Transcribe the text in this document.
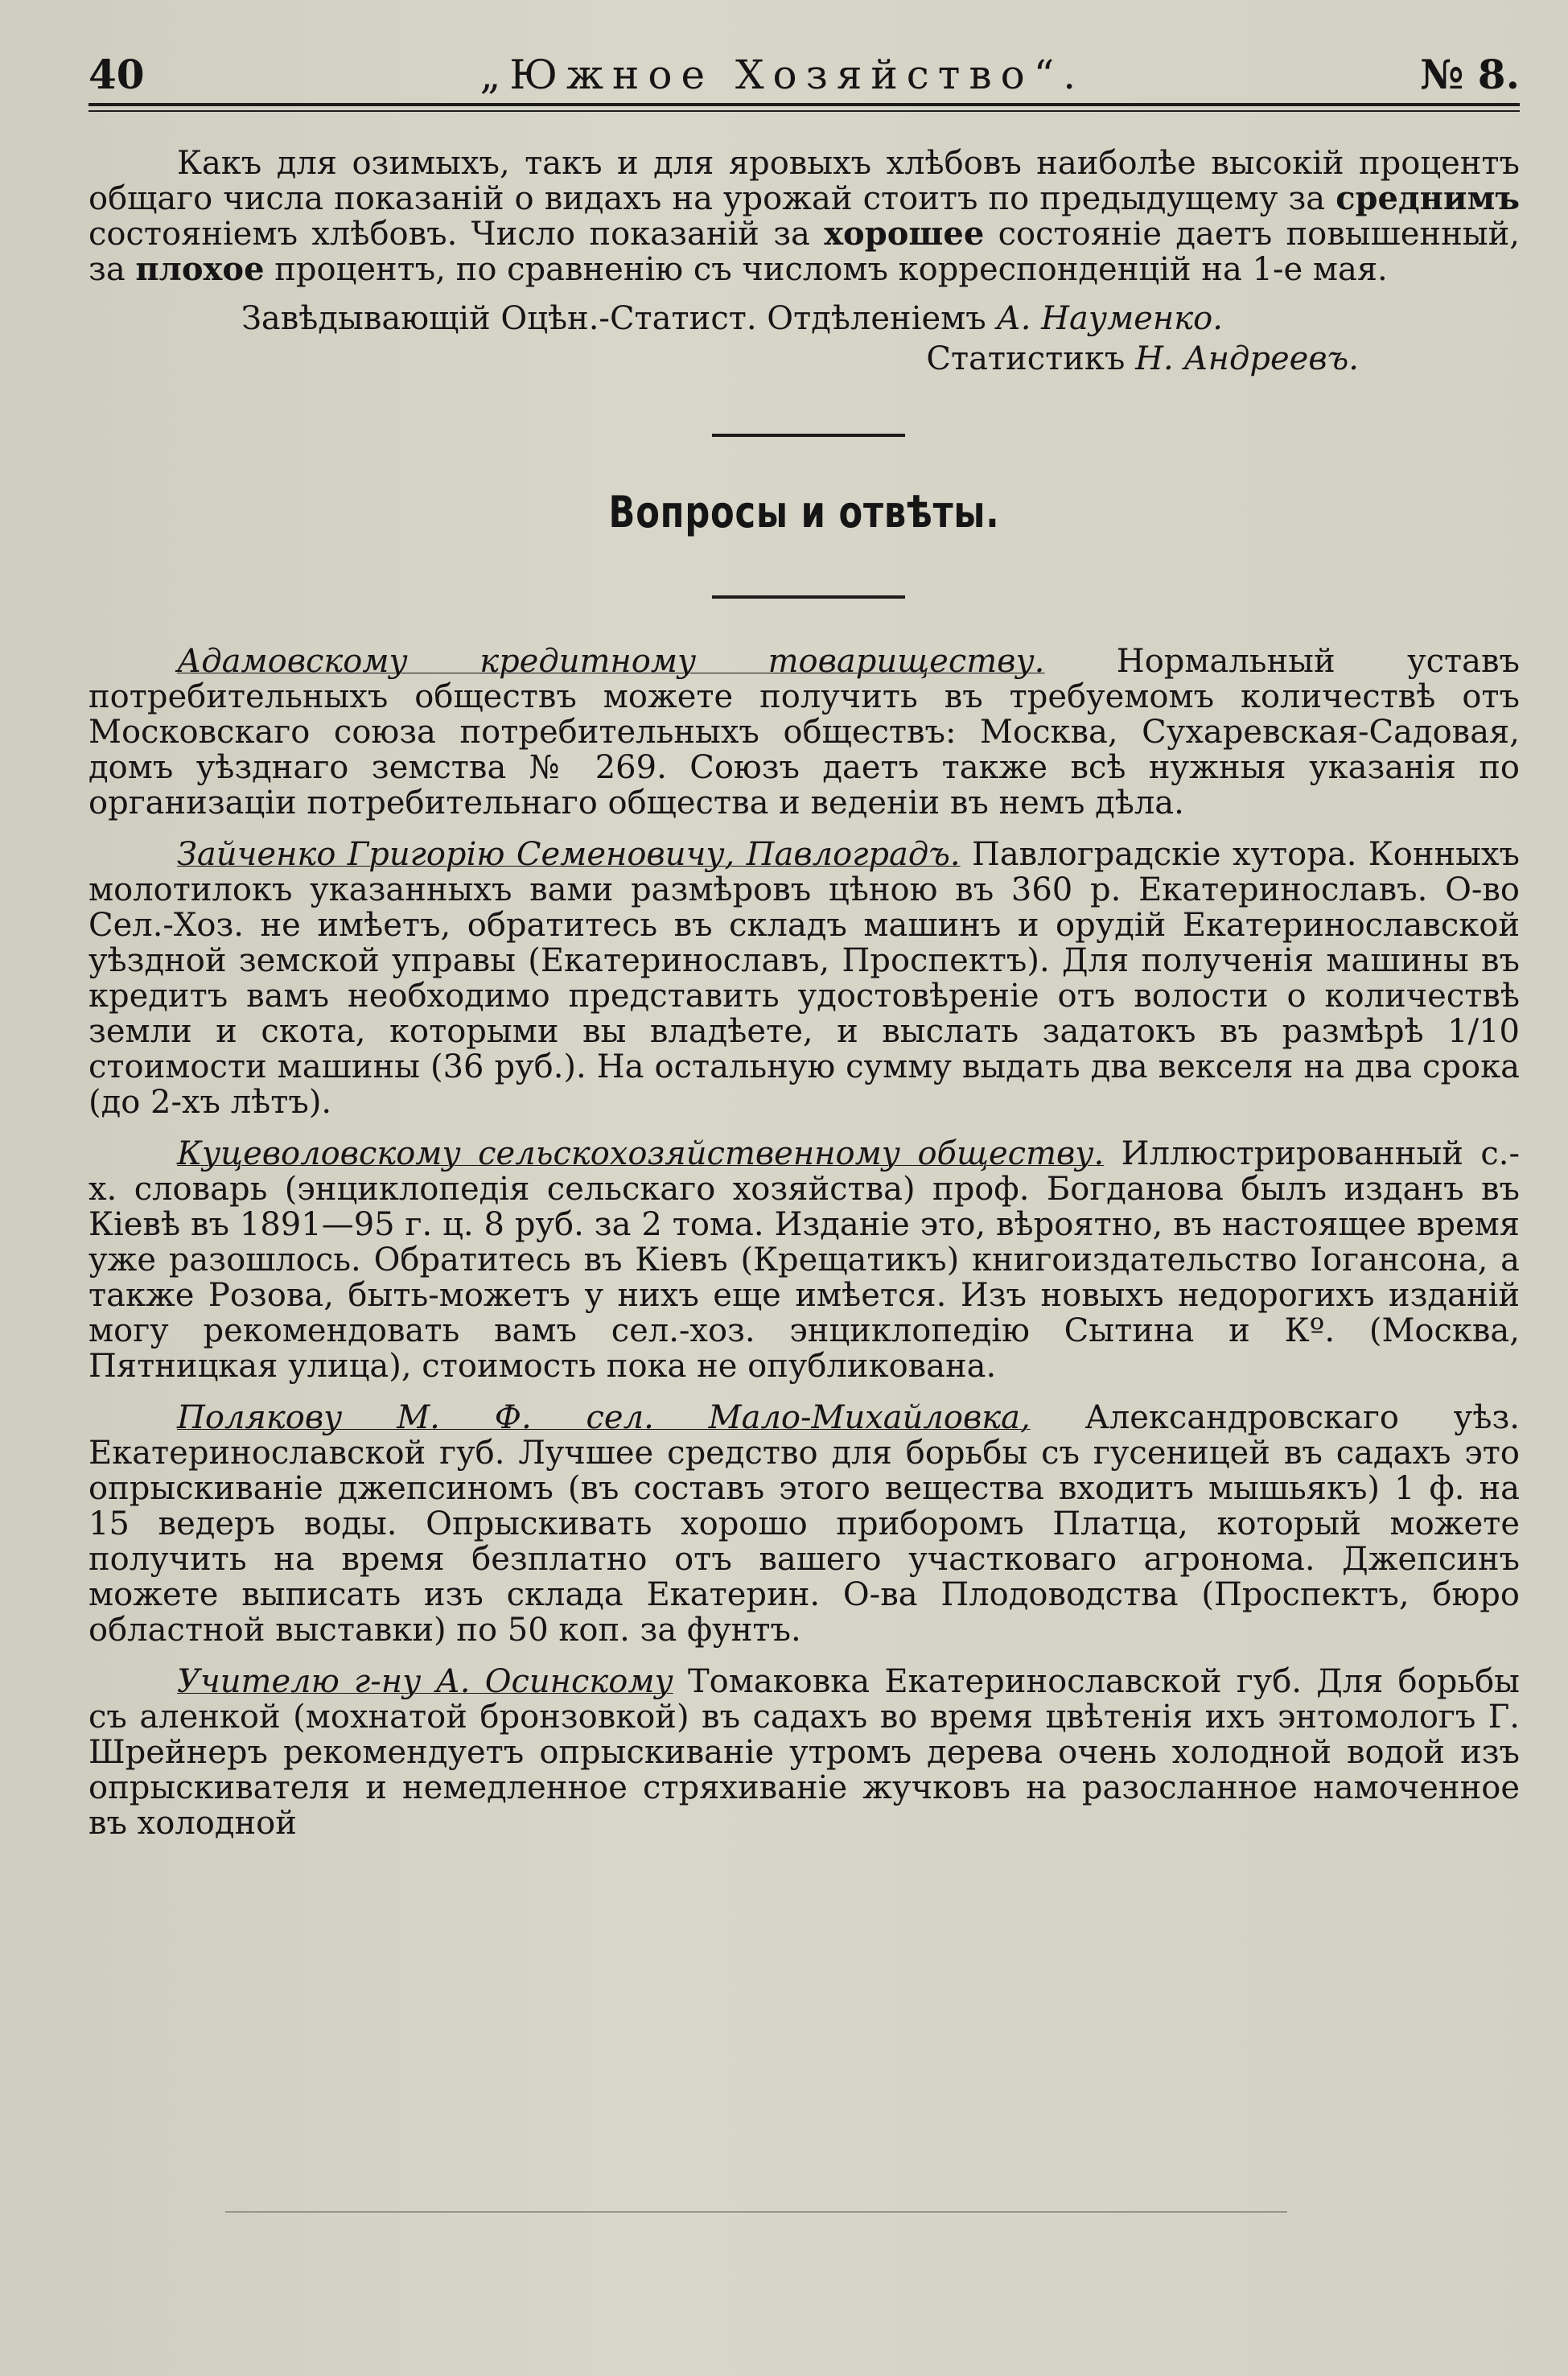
40	„Южное Хозяйство“.	№ 8.

Какъ для озимыхъ, такъ и для яровыхъ хлѣбовъ наиболѣе высокій процентъ общаго числа показаній о видахъ на урожай стоитъ по предыдущему за среднимъ состояніемъ хлѣбовъ. Число показаній за хорошее состояніе даетъ повышенный, за плохое процентъ, по сравненію съ числомъ корреспонденцій на 1-е мая.

Завѣдывающій Оцѣн.-Статист. Отдѣленіемъ А. Науменко.
Статистикъ Н. Андреевъ.
Вопросы и отвѣты.

Адамовскому кредитному товариществу. Нормальный уставъ потребительныхъ обществъ можете получить въ требуемомъ количествѣ отъ Московскаго союза потребительныхъ обществъ: Москва, Сухаревская-Садовая, домъ уѣзднаго земства № 269. Союзъ даетъ также всѣ нужныя указанія по организаціи потребительнаго общества и веденіи въ немъ дѣла.

Зайченко Григорію Семеновичу, Павлоградъ. Павлоградскіе хутора. Конныхъ молотилокъ указанныхъ вами размѣровъ цѣною въ 360 р. Екатеринославъ. О-во Сел.-Хоз. не имѣетъ, обратитесь въ складъ машинъ и орудій Екатеринославской уѣздной земской управы (Екатеринославъ, Проспектъ). Для полученія машины въ кредитъ вамъ необходимо представить удостовѣреніе отъ волости о количествѣ земли и скота, которыми вы владѣете, и выслать задатокъ въ размѣрѣ 1/10 стоимости машины (36 руб.). На остальную сумму выдать два векселя на два срока (до 2-хъ лѣтъ).

Куцеволовскому сельскохозяйственному обществу. Иллюстрированный с.-х. словарь (энциклопедія сельскаго хозяйства) проф. Богданова былъ изданъ въ Кіевѣ въ 1891—95 г. ц. 8 руб. за 2 тома. Изданіе это, вѣроятно, въ настоящее время уже разошлось. Обратитесь въ Кіевъ (Крещатикъ) книгоиздательство Іогансона, а также Розова, быть-можетъ у нихъ еще имѣется. Изъ новыхъ недорогихъ изданій могу рекомендовать вамъ сел.-хоз. энциклопедію Сытина и Кº. (Москва, Пятницкая улица), стоимость пока не опубликована.

Полякову М. Ф. сел. Мало-Михайловка, Александровскаго уѣз. Екатеринославской губ. Лучшее средство для борьбы съ гусеницей въ садахъ это опрыскиваніе джепсиномъ (въ составъ этого вещества входитъ мышьякъ) 1 ф. на 15 ведеръ воды. Опрыскивать хорошо приборомъ Платца, который можете получить на время безплатно отъ вашего участковаго агронома. Джепсинъ можете выписать изъ склада Екатерин. О-ва Плодоводства (Проспектъ, бюро областной выставки) по 50 коп. за фунтъ.

Учителю г-ну А. Осинскому Томаковка Екатеринославской губ. Для борьбы съ аленкой (мохнатой бронзовкой) въ садахъ во время цвѣтенія ихъ энтомологъ Г. Шрейнеръ рекомендуетъ опрыскиваніе утромъ дерева очень холодной водой изъ опрыскивателя и немедленное стряхиваніе жучковъ на разосланное намоченное въ холодной
